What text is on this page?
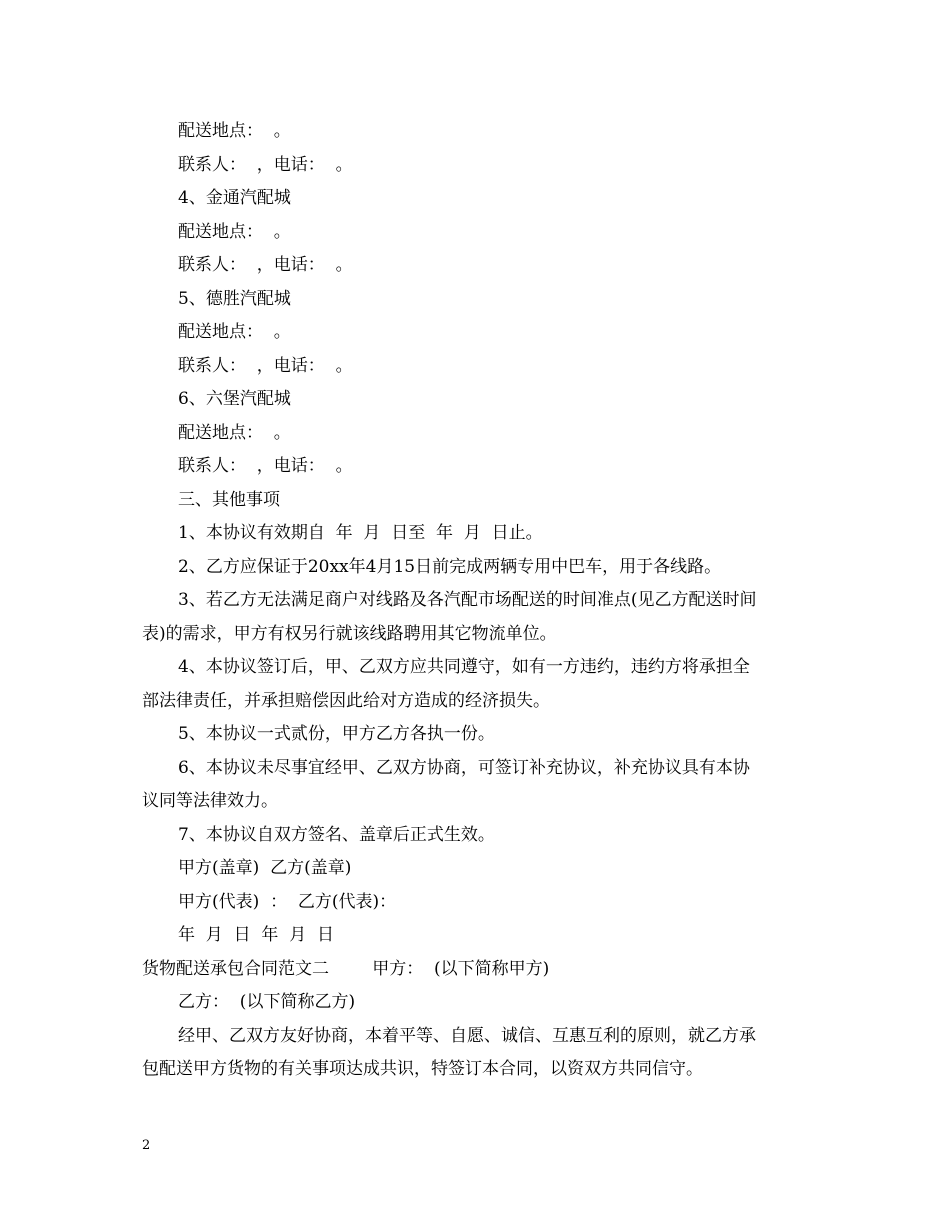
配送地点：  。
联系人：  ，电话：  。
4、金通汽配城
配送地点：  。
联系人：  ，电话：  。
5、德胜汽配城
配送地点：  。
联系人：  ，电话：  。
6、六堡汽配城
配送地点：  。
联系人：  ，电话：  。
三、其他事项
1、本协议有效期自  年  月  日至  年  月  日止。
2、乙方应保证于20xx年4月15日前完成两辆专用中巴车，用于各线路。
3、若乙方无法满足商户对线路及各汽配市场配送的时间准点(见乙方配送时间
表)的需求，甲方有权另行就该线路聘用其它物流单位。
4、本协议签订后，甲、乙双方应共同遵守，如有一方违约，违约方将承担全
部法律责任，并承担赔偿因此给对方造成的经济损失。
5、本协议一式贰份，甲方乙方各执一份。
6、本协议未尽事宜经甲、乙双方协商，可签订补充协议，补充协议具有本协
议同等法律效力。
7、本协议自双方签名、盖章后正式生效。
甲方(盖章)  乙方(盖章)
甲方(代表)  ：  乙方(代表)：
年  月  日  年  月  日
货物配送承包合同范文二        甲方：  (以下简称甲方)
乙方：  (以下简称乙方)
经甲、乙双方友好协商，本着平等、自愿、诚信、互惠互利的原则，就乙方承
包配送甲方货物的有关事项达成共识，特签订本合同，以资双方共同信守。
2
